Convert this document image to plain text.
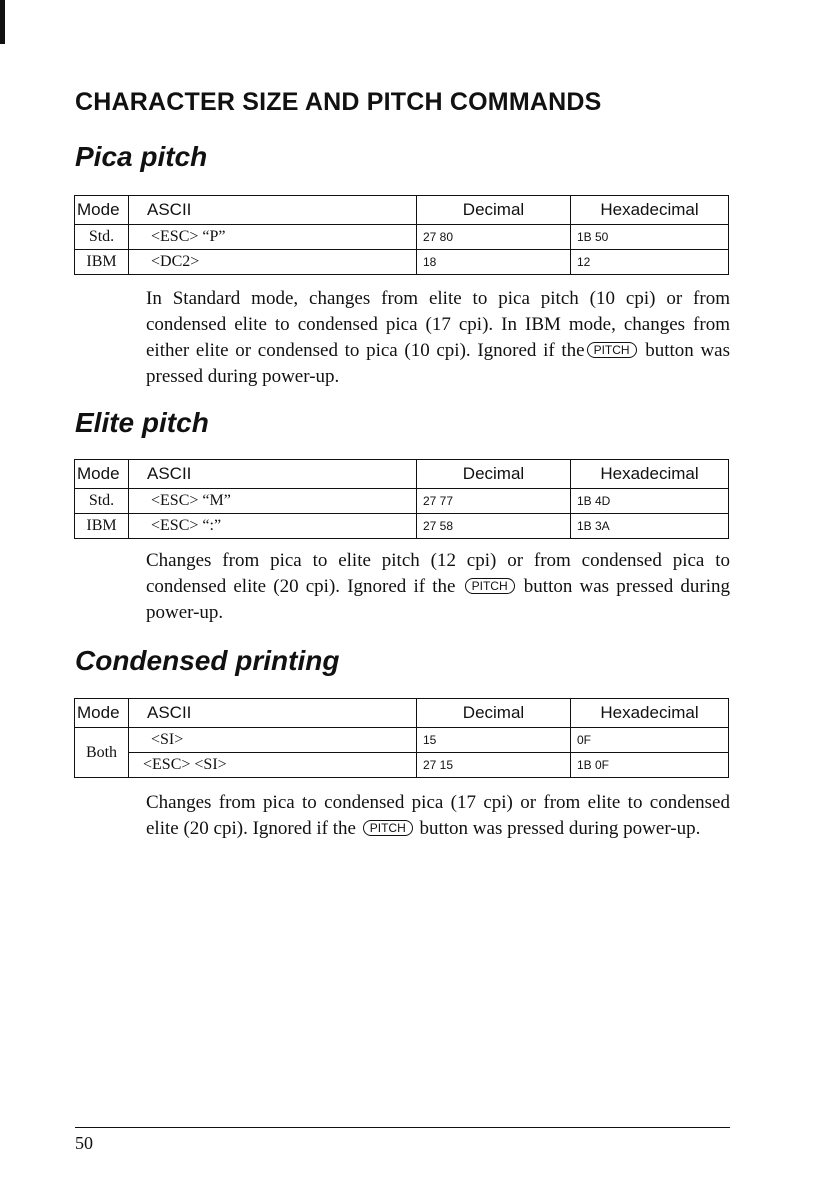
CHARACTER SIZE AND PITCH COMMANDS
Pica pitch
Mode	ASCII	Decimal	Hexadecimal
Std.	<ESC> “P”	27 80	1B 50
IBM	<DC2>	18	12

In Standard mode, changes from elite to pica pitch (10 cpi) or from condensed elite to condensed pica (17 cpi). In IBM mode, changes from either elite or condensed to pica (10 cpi). Ignored if the PITCH button was pressed during power-up.

Elite pitch
Mode	ASCII	Decimal	Hexadecimal
Std.	<ESC> “M”	27 77	1B 4D
IBM	<ESC> “:”	27 58	1B 3A

Changes from pica to elite pitch (12 cpi) or from condensed pica to condensed elite (20 cpi). Ignored if the PITCH button was pressed during power-up.

Condensed printing
Mode	ASCII	Decimal	Hexadecimal
Both	<SI>	15	0F
	<ESC> <SI>	27 15	1B 0F

Changes from pica to condensed pica (17 cpi) or from elite to condensed elite (20 cpi). Ignored if the PITCH button was pressed during power-up.

50
